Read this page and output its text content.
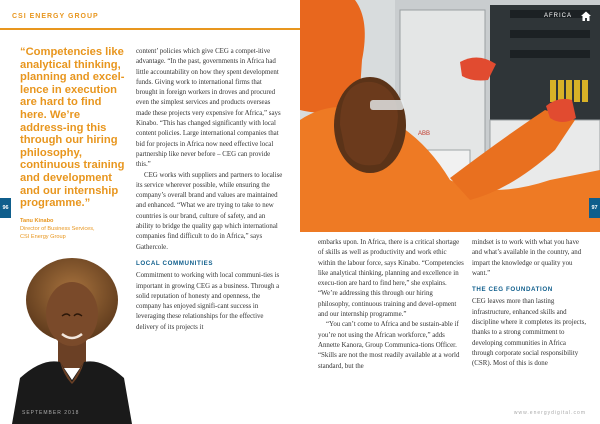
CSI ENERGY GROUP
“Competencies like analytical thinking, planning and excel-lence in execution are hard to find here. We’re address-ing this through our hiring philosophy, continuous training and development and our internship programme.”
Tanu Kinabo
Director of Business Services,
CSI Energy Group
96

content’ policies which give CEG a compet-itive advantage. “In the past, governments in Africa had little accountability on how they spent development funds. Giving work to international firms that brought in foreign workers in droves and procured even the simplest services and products overseas made these projects very expensive for Africa,” says Kinabo. “This has changed significantly with local content policies. Large international companies that bid for projects in Africa now need effective local partnership like never before – CEG can provide this.”

CEG works with suppliers and partners to localise its service wherever possible, while ensuring the company’s overall brand and values are maintained and enhanced. “What we are trying to take to new countries is our brand, culture of safety, and an ability to bridge the quality gap which international companies find difficult to do in Africa,” says Gathercole.

LOCAL COMMUNITIES

Commitment to working with local communi-ties is important in growing CEG as a business. Through a solid reputation of honesty and openness, the company has enjoyed signifi-cant success in leveraging these relationships for the effective delivery of its projects it

SEPTEMBER 2018
ABB
AFRICA
97

embarks upon. In Africa, there is a critical shortage of skills as well as productivity and work ethic within the labour force, says Kinabo. “Competencies like analytical thinking, planning and excellence in execu-tion are hard to find here,” she explains. “We’re addressing this through our hiring philosophy, continuous training and devel-opment and our internship programme.”

“You can’t come to Africa and be sustain-able if you’re not using the African workforce,” adds Annette Kanora, Group Communica-tions Officer. “Skills are not the most readily available at a world standard, but the

mindset is to work with what you have and what’s available in the country, and impart the knowledge or quality you want.”

THE CEG FOUNDATION

CEG leaves more than lasting infrastructure, enhanced skills and discipline where it completes its projects, thanks to a strong commitment to developing communities in Africa through corporate social responsibility (CSR). Most of this is done

www.energydigital.com
